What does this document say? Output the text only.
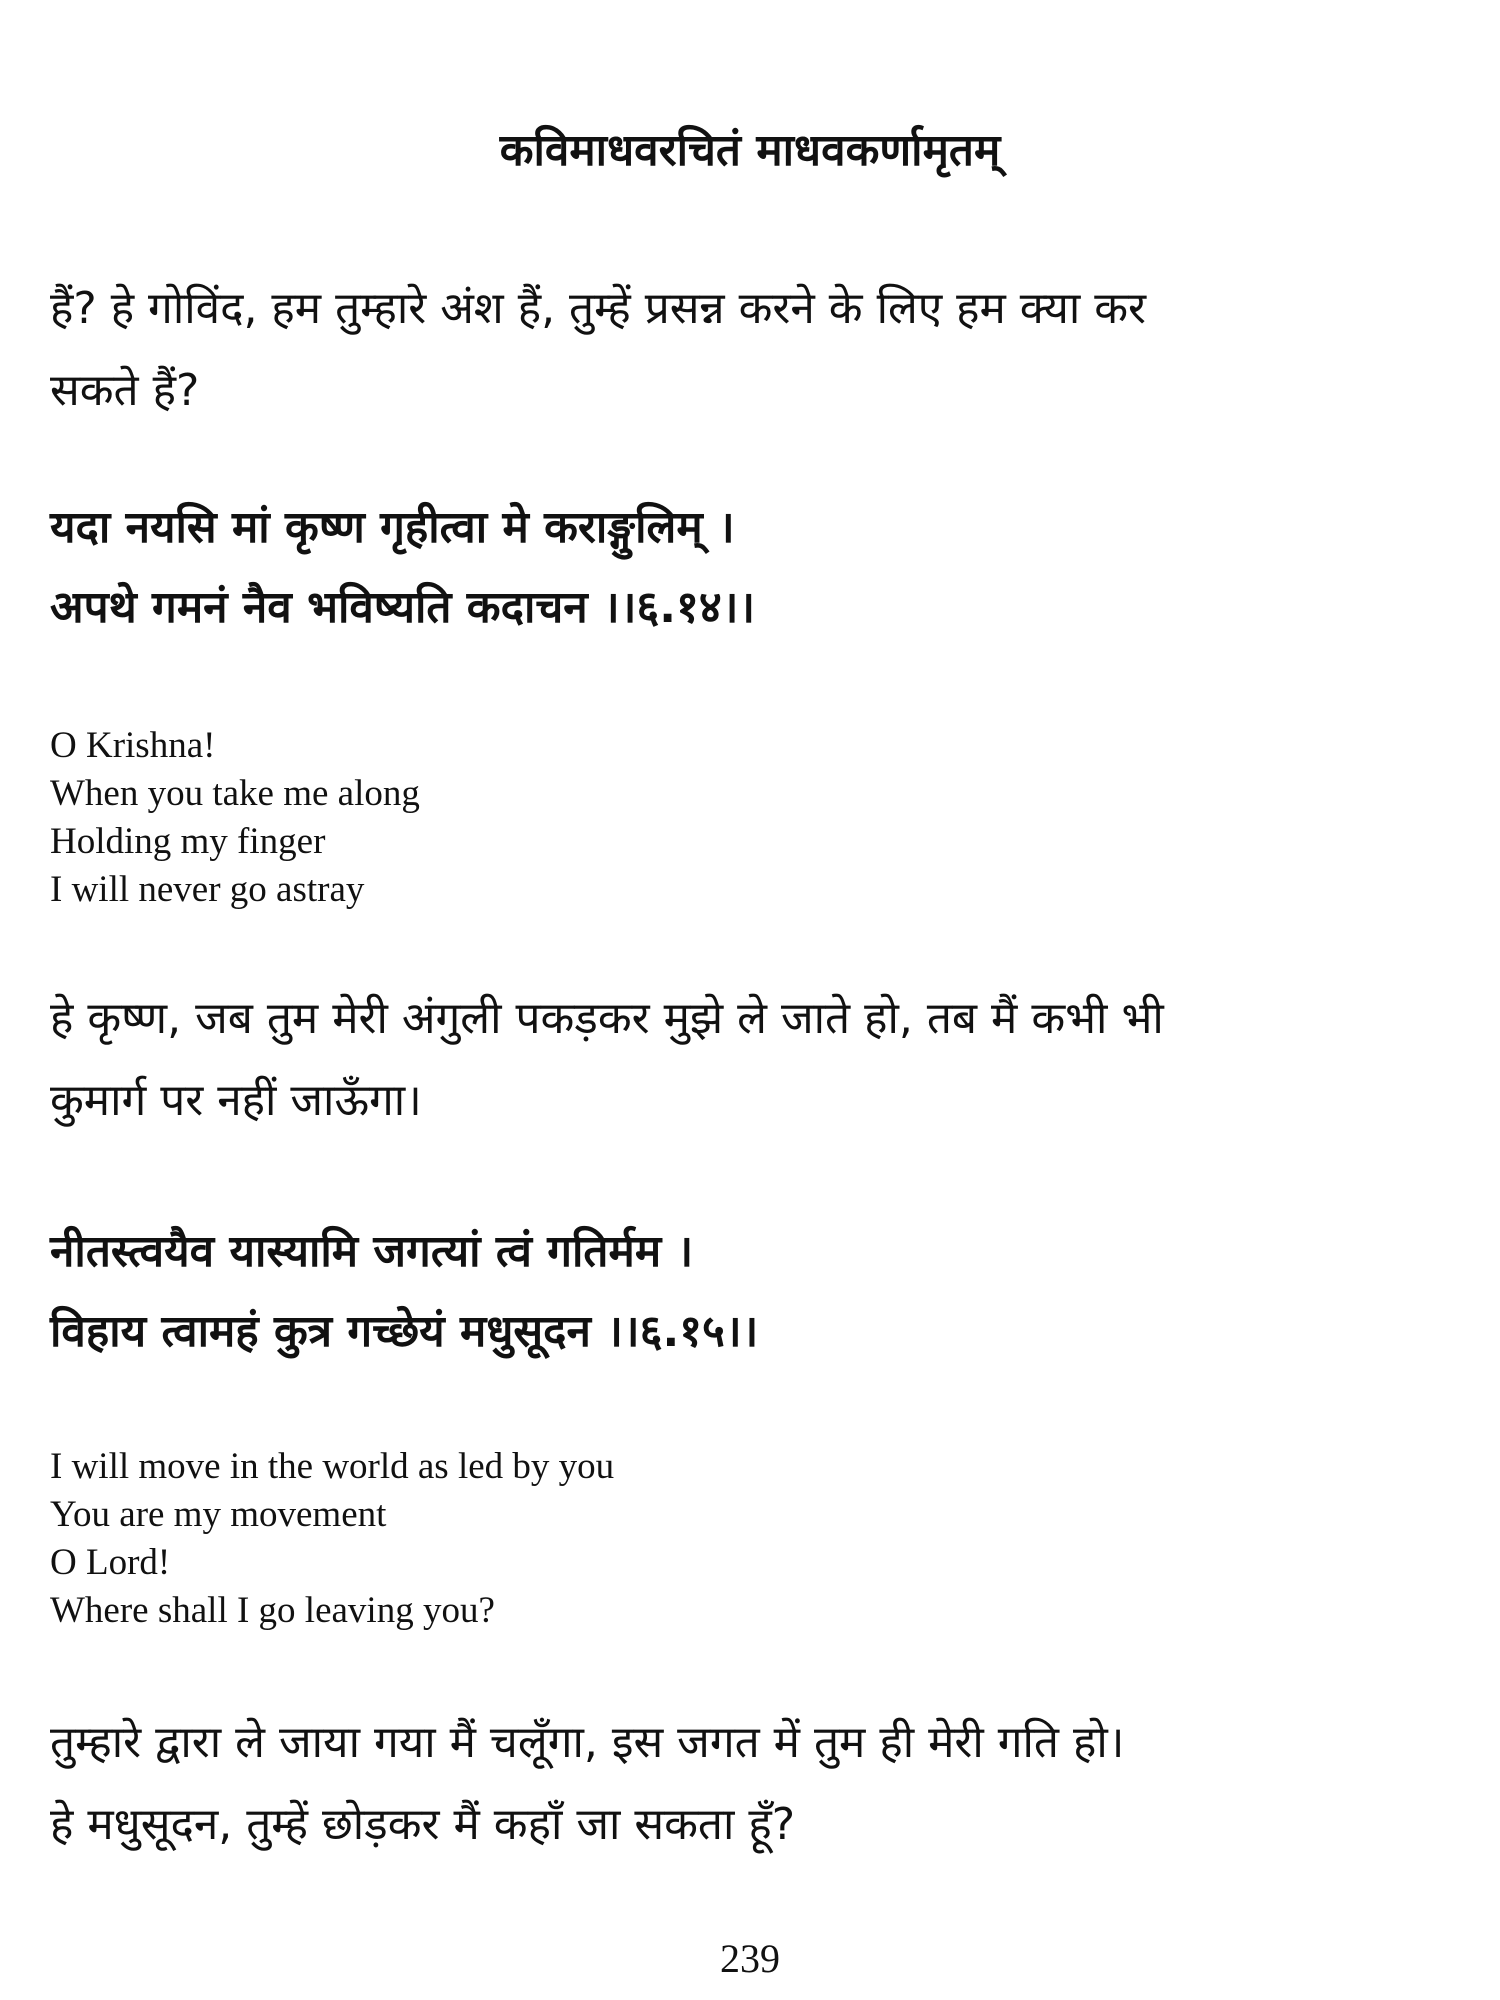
कविमाधवरचितं माधवकर्णामृतम्
हैं? हे गोविंद, हम तुम्हारे अंश हैं, तुम्हें प्रसन्न करने के लिए हम क्या कर
सकते हैं?
यदा नयसि मां कृष्ण गृहीत्वा मे कराङ्गुलिम् ।
अपथे गमनं नैव भविष्यति कदाचन ।।६.१४।।
O Krishna!
When you take me along
Holding my finger
I will never go astray
हे कृष्ण, जब तुम मेरी अंगुली पकड़कर मुझे ले जाते हो, तब मैं कभी भी
कुमार्ग पर नहीं जाऊँगा।
नीतस्त्वयैव यास्यामि जगत्यां त्वं गतिर्मम ।
विहाय त्वामहं कुत्र गच्छेयं मधुसूदन ।।६.१५।।
I will move in the world as led by you
You are my movement
O Lord!
Where shall I go leaving you?
तुम्हारे द्वारा ले जाया गया मैं चलूँगा, इस जगत में तुम ही मेरी गति हो।
हे मधुसूदन, तुम्हें छोड़कर मैं कहाँ जा सकता हूँ?
239
